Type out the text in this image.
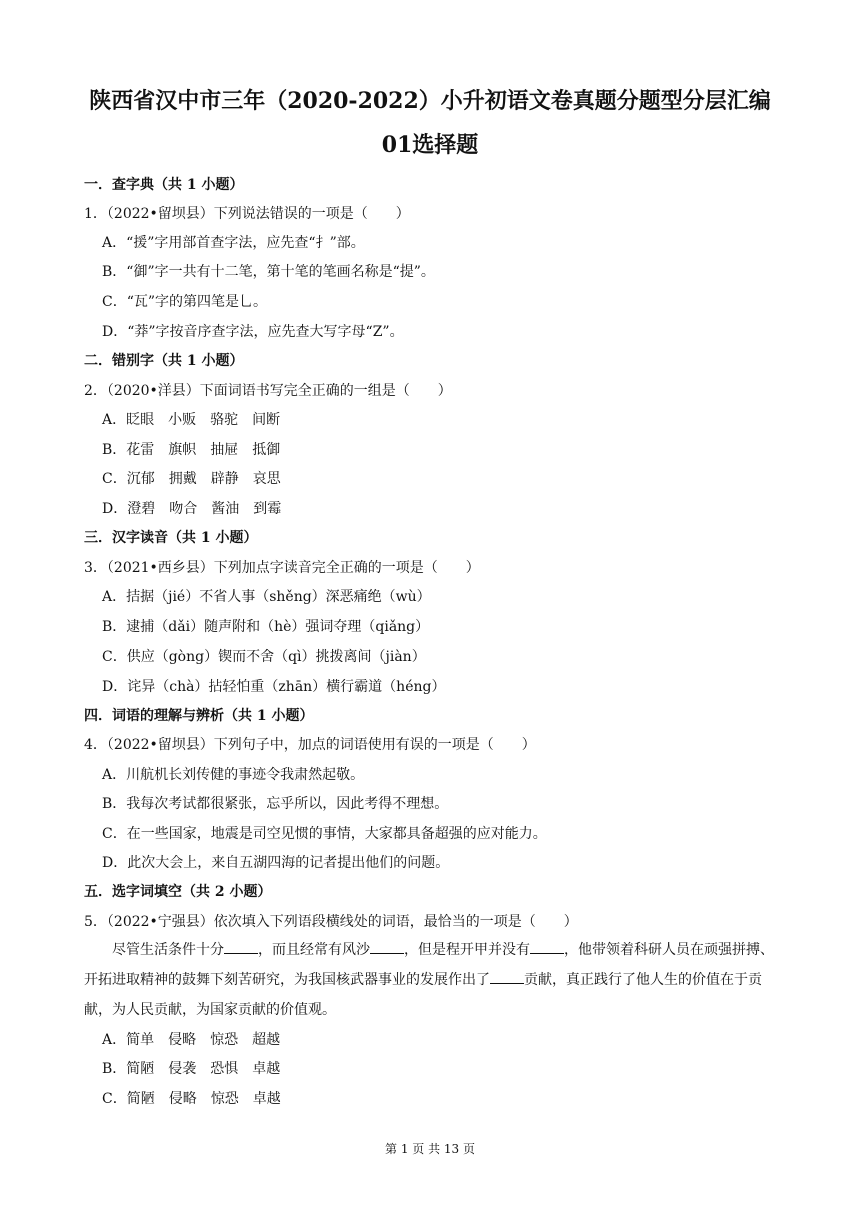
陕西省汉中市三年（2020-2022）小升初语文卷真题分题型分层汇编
01选择题
一．查字典（共 1 小题）
1．（2022•留坝县）下列说法错误的一项是（　　）
A．“援”字用部首查字法，应先查“扌”部。
B．“御”字一共有十二笔，第十笔的笔画名称是“提”。
C．“瓦”字的第四笔是乚。
D．“莽”字按音序查字法，应先查大写字母“Z”。
二．错别字（共 1 小题）
2．（2020•洋县）下面词语书写完全正确的一组是（　　）
A．眨眼　小贩　骆驼　间断
B．花雷　旗帜　抽屉　抵御
C．沉郁　拥戴　辟静　哀思
D．澄碧　吻合　酱油　到霉
三．汉字读音（共 1 小题）
3．（2021•西乡县）下列加点字读音完全正确的一项是（　　）
A．拮据（jié）不省人事（shěng）深恶痛绝（wù）
B．逮捕（dǎi）随声附和（hè）强词夺理（qiǎng）
C．供应（gòng）锲而不舍（qì）挑拨离间（jiàn）
D．诧异（chà）拈轻怕重（zhān）横行霸道（héng）
四．词语的理解与辨析（共 1 小题）
4．（2022•留坝县）下列句子中，加点的词语使用有误的一项是（　　）
A．川航机长刘传健的事迹令我肃然起敬。
B．我每次考试都很紧张，忘乎所以，因此考得不理想。
C．在一些国家，地震是司空见惯的事情，大家都具备超强的应对能力。
D．此次大会上，来自五湖四海的记者提出他们的问题。
五．选字词填空（共 2 小题）
5．（2022•宁强县）依次填入下列语段横线处的词语，最恰当的一项是（　　）
尽管生活条件十分 ，而且经常有风沙 ，但是程开甲并没有 ，他带领着科研人员在顽强拼搏、开拓进取精神的鼓舞下刻苦研究，为我国核武器事业的发展作出了 贡献，真正践行了他人生的价值在于贡献，为人民贡献，为国家贡献的价值观。
A．简单　侵略　惊恐　超越
B．简陋　侵袭　恐惧　卓越
C．简陋　侵略　惊恐　卓越
第 1 页 共 13 页
